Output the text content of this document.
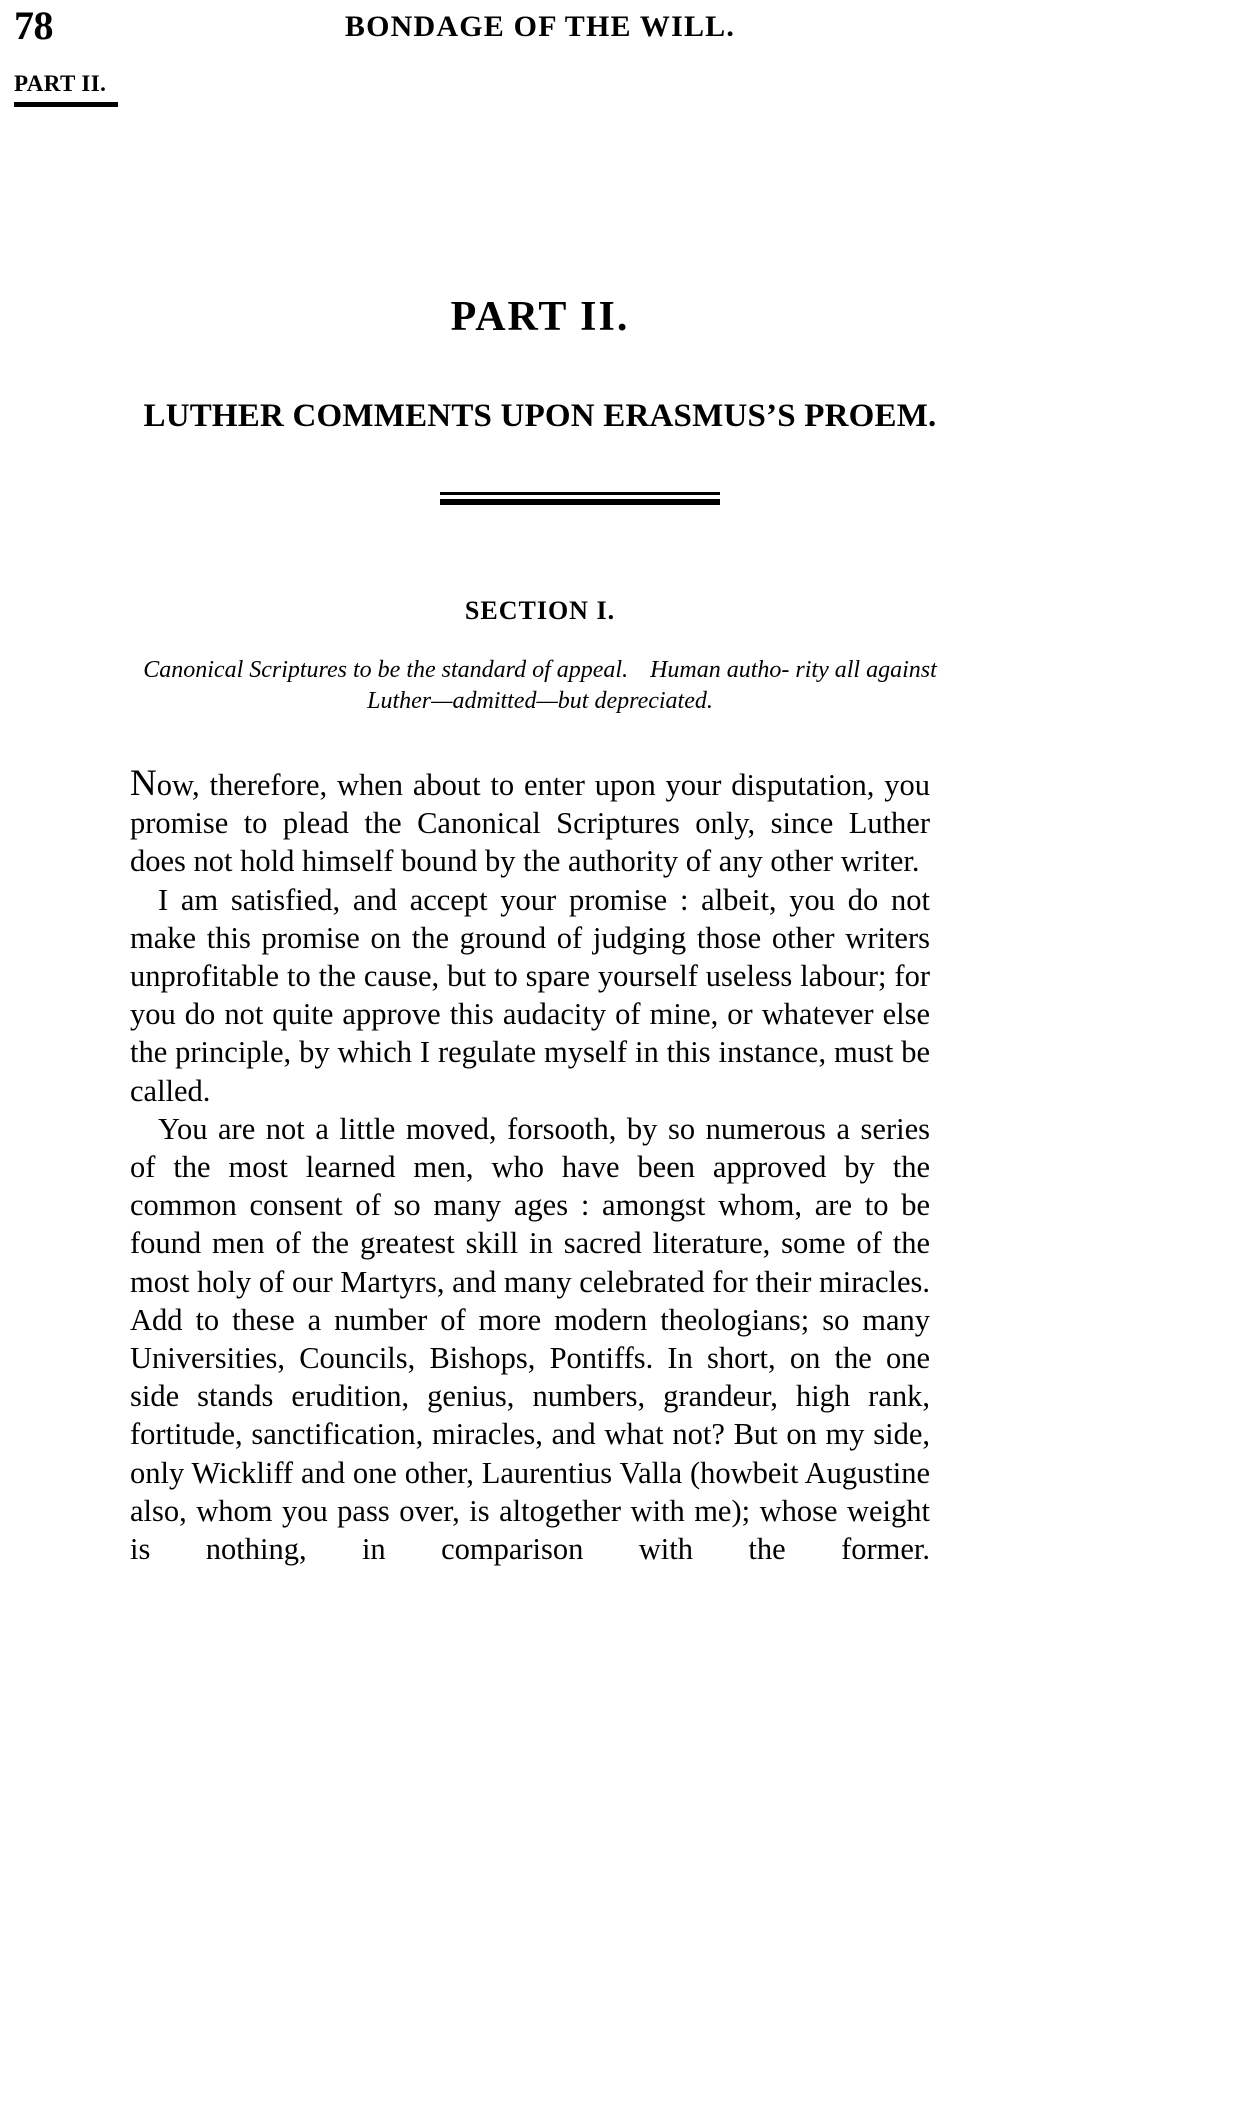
78	BONDAGE OF THE WILL.
PART II.
PART II.
LUTHER COMMENTS UPON ERASMUS’S PROEM.
SECTION I.
Canonical Scriptures to be the standard of appeal. Human autho- rity all against Luther—admitted—but depreciated.

Now, therefore, when about to enter upon your disputation, you promise to plead the Canonical Scriptures only, since Luther does not hold himself bound by the authority of any other writer.

I am satisfied, and accept your promise : albeit, you do not make this promise on the ground of judging those other writers unprofitable to the cause, but to spare yourself useless labour; for you do not quite approve this audacity of mine, or whatever else the principle, by which I regulate myself in this instance, must be called.

You are not a little moved, forsooth, by so numerous a series of the most learned men, who have been approved by the common consent of so many ages : amongst whom, are to be found men of the greatest skill in sacred literature, some of the most holy of our Martyrs, and many celebrated for their miracles. Add to these a number of more modern theologians; so many Universities, Councils, Bishops, Pontiffs. In short, on the one side stands erudition, genius, numbers, grandeur, high rank, fortitude, sanctification, miracles, and what not? But on my side, only Wickliff and one other, Laurentius Valla (howbeit Augustine also, whom you pass over, is altogether with me); whose weight is nothing, in comparison with the former.
